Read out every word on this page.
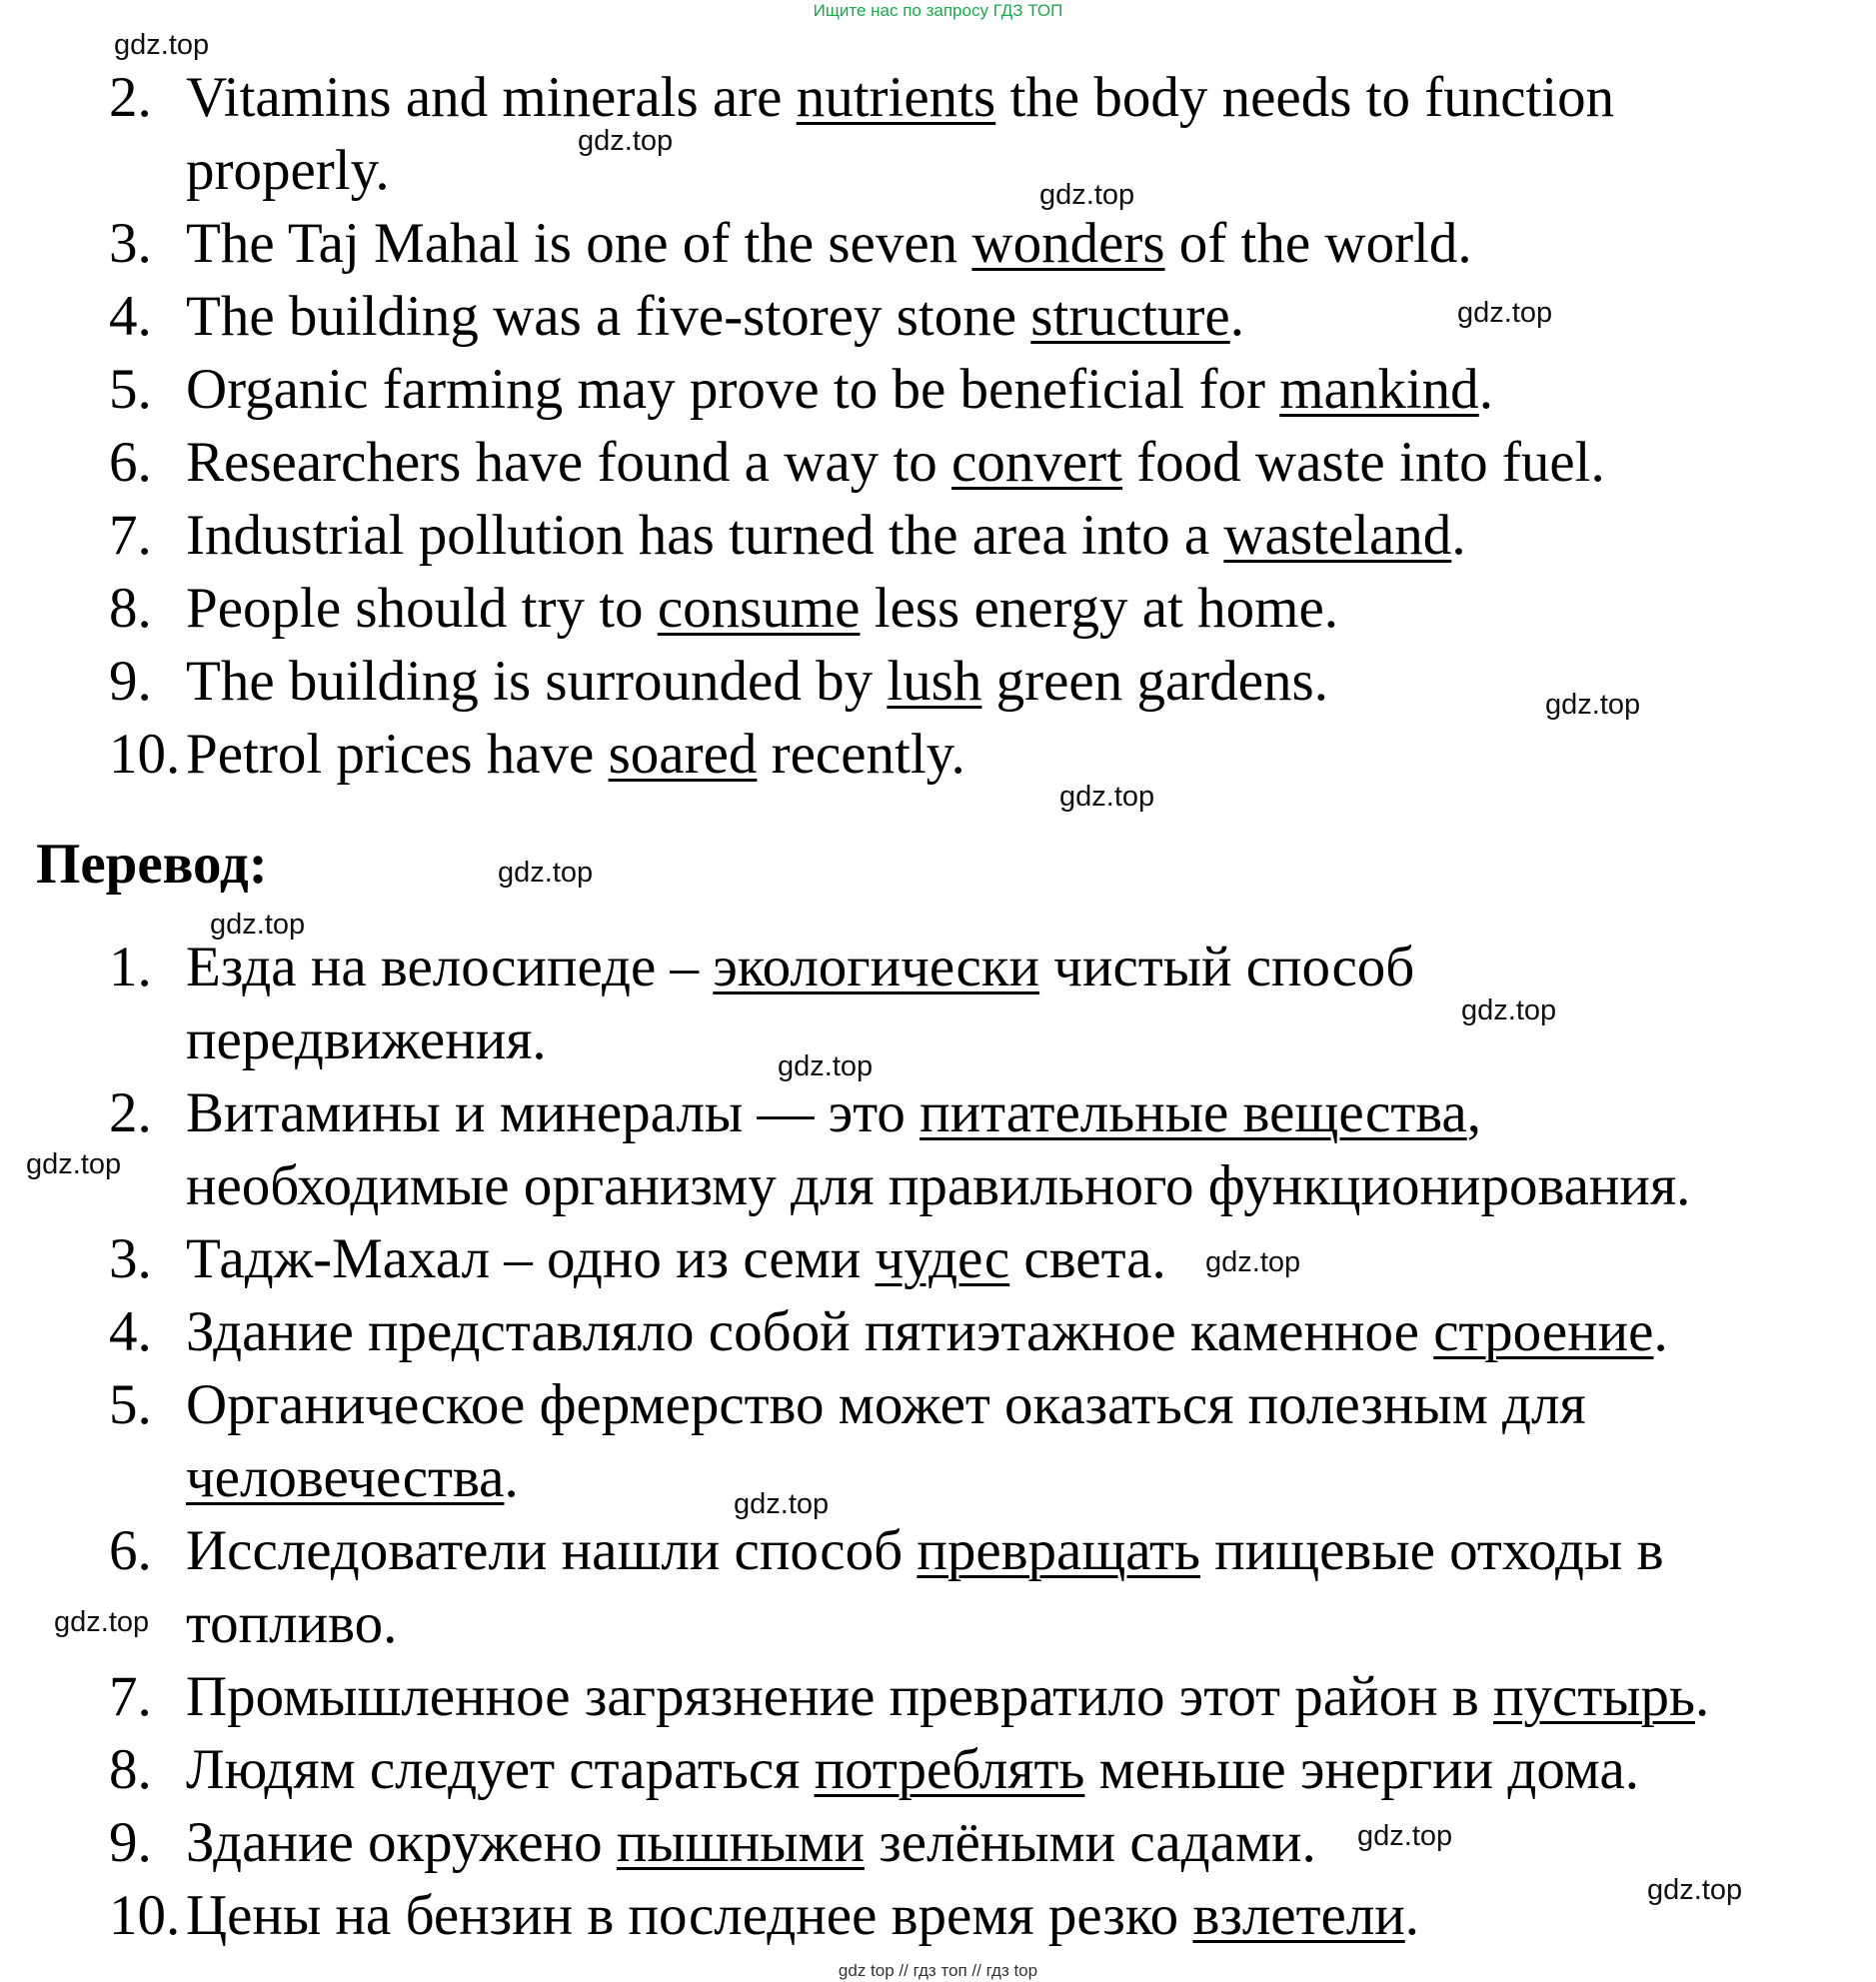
Ищите нас по запросу ГДЗ ТОП
Перевод:
2. Vitamins and minerals are nutrients the body needs to function
properly.
3. The Taj Mahal is one of the seven wonders of the world.
4. The building was a five-storey stone structure.
5. Organic farming may prove to be beneficial for mankind.
6. Researchers have found a way to convert food waste into fuel.
7. Industrial pollution has turned the area into a wasteland.
8. People should try to consume less energy at home.
9. The building is surrounded by lush green gardens.
10. Petrol prices have soared recently.
1. Езда на велосипеде – экологически чистый способ
передвижения.
2. Витамины и минералы — это питательные вещества,
необходимые организму для правильного функционирования.
3. Тадж-Махал – одно из семи чудес света.
4. Здание представляло собой пятиэтажное каменное строение.
5. Органическое фермерство может оказаться полезным для
человечества.
6. Исследователи нашли способ превращать пищевые отходы в
топливо.
7. Промышленное загрязнение превратило этот район в пустырь.
8. Людям следует стараться потреблять меньше энергии дома.
9. Здание окружено пышными зелёными садами.
10. Цены на бензин в последнее время резко взлетели.
gdz.top
gdz.top
gdz.top
gdz.top
gdz.top
gdz.top
gdz.top
gdz.top
gdz.top
gdz.top
gdz.top
gdz.top
gdz.top
gdz.top
gdz.top
gdz.top
gdz top // гдз топ // гдз top
